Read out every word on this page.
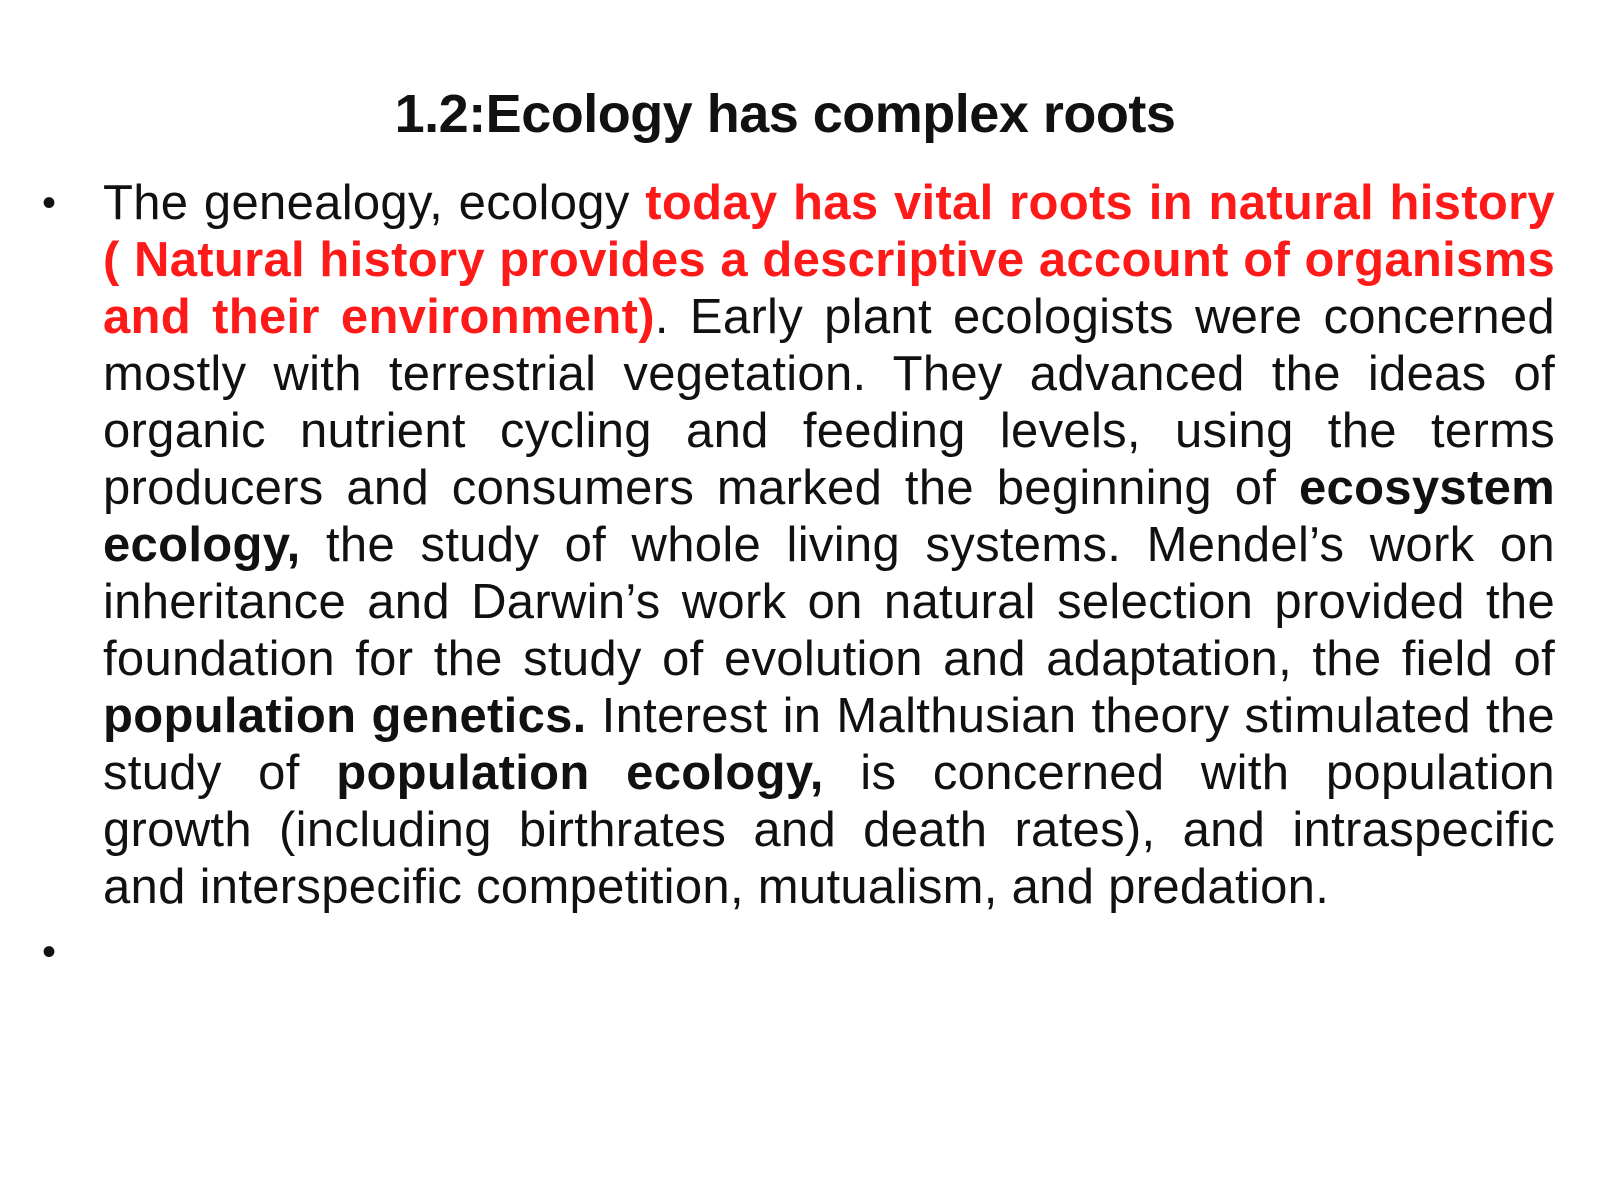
1.2:Ecology has complex roots
• The genealogy, ecology today has vital roots in natural history ( Natural history provides a descriptive account of organisms and their environment). Early plant ecologists were concerned mostly with terrestrial vegetation. They advanced the ideas of organic nutrient cycling and feeding levels, using the terms producers and consumers marked the beginning of ecosystem ecology, the study of whole living systems. Mendel’s work on inheritance and Darwin’s work on natural selection provided the foundation for the study of evolution and adaptation, the field of population genetics. Interest in Malthusian theory stimulated the study of population ecology, is concerned with population growth (including birthrates and death rates), and intraspecific and interspecific competition, mutualism, and predation.
•
